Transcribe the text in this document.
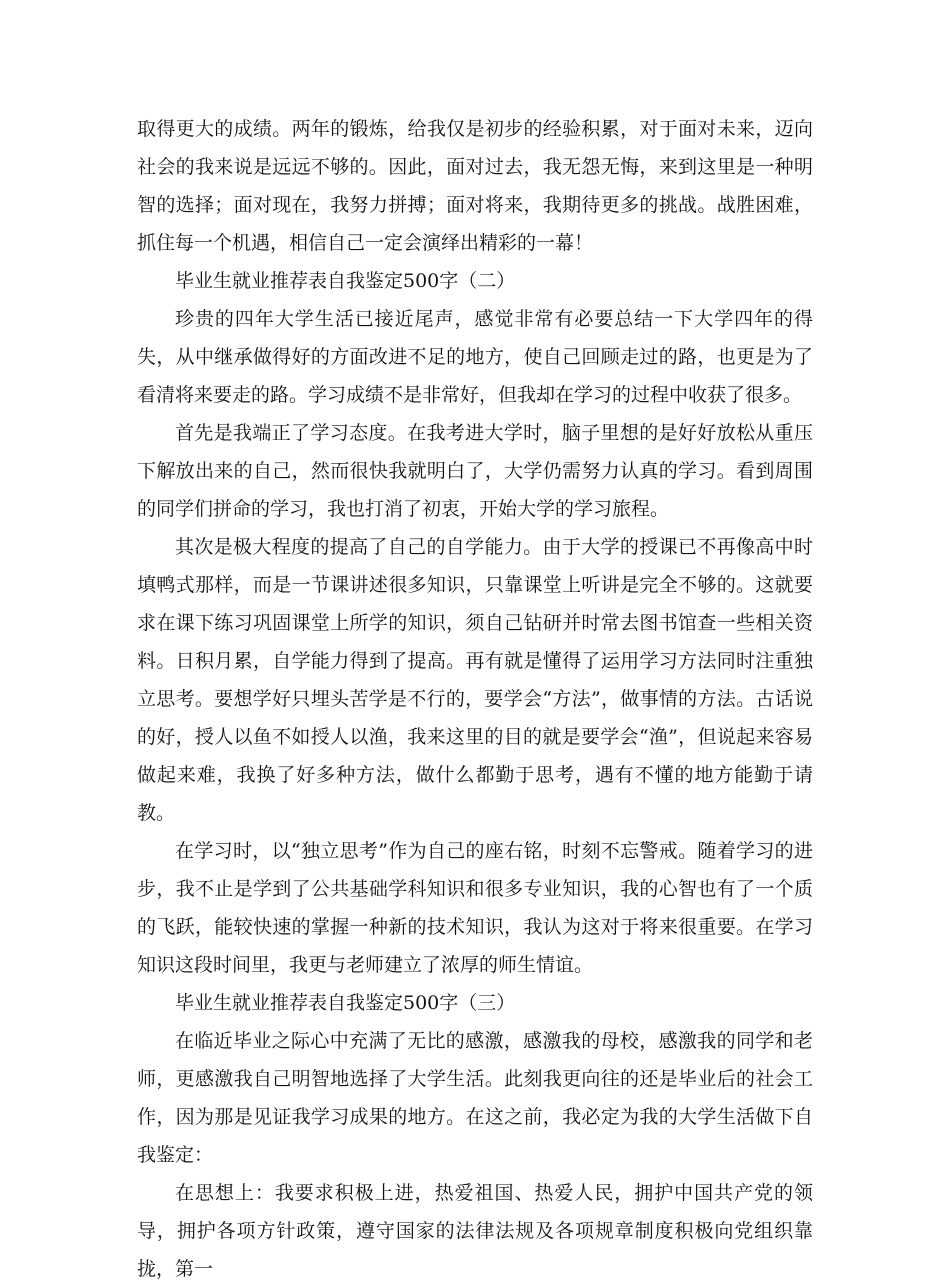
取得更大的成绩。两年的锻炼，给我仅是初步的经验积累，对于面对未来，迈向社会的我来说是远远不够的。因此，面对过去，我无怨无悔，来到这里是一种明智的选择；面对现在，我努力拼搏；面对将来，我期待更多的挑战。战胜困难，抓住每一个机遇，相信自己一定会演绎出精彩的一幕！

毕业生就业推荐表自我鉴定500字（二）

珍贵的四年大学生活已接近尾声，感觉非常有必要总结一下大学四年的得失，从中继承做得好的方面改进不足的地方，使自己回顾走过的路，也更是为了看清将来要走的路。学习成绩不是非常好，但我却在学习的过程中收获了很多。

首先是我端正了学习态度。在我考进大学时，脑子里想的是好好放松从重压下解放出来的自己，然而很快我就明白了，大学仍需努力认真的学习。看到周围的同学们拼命的学习，我也打消了初衷，开始大学的学习旅程。

其次是极大程度的提高了自己的自学能力。由于大学的授课已不再像高中时填鸭式那样，而是一节课讲述很多知识，只靠课堂上听讲是完全不够的。这就要求在课下练习巩固课堂上所学的知识，须自己钻研并时常去图书馆查一些相关资料。日积月累，自学能力得到了提高。再有就是懂得了运用学习方法同时注重独立思考。要想学好只埋头苦学是不行的，要学会“方法”，做事情的方法。古话说的好，授人以鱼不如授人以渔，我来这里的目的就是要学会“渔”，但说起来容易做起来难，我换了好多种方法，做什么都勤于思考，遇有不懂的地方能勤于请教。

在学习时，以“独立思考”作为自己的座右铭，时刻不忘警戒。随着学习的进步，我不止是学到了公共基础学科知识和很多专业知识，我的心智也有了一个质的飞跃，能较快速的掌握一种新的技术知识，我认为这对于将来很重要。在学习知识这段时间里，我更与老师建立了浓厚的师生情谊。

毕业生就业推荐表自我鉴定500字（三）

在临近毕业之际心中充满了无比的感激，感激我的母校，感激我的同学和老师，更感激我自己明智地选择了大学生活。此刻我更向往的还是毕业后的社会工作，因为那是见证我学习成果的地方。在这之前，我必定为我的大学生活做下自我鉴定：

在思想上：我要求积极上进，热爱祖国、热爱人民，拥护中国共产党的领导，拥护各项方针政策，遵守国家的法律法规及各项规章制度积极向党组织靠拢，第一
